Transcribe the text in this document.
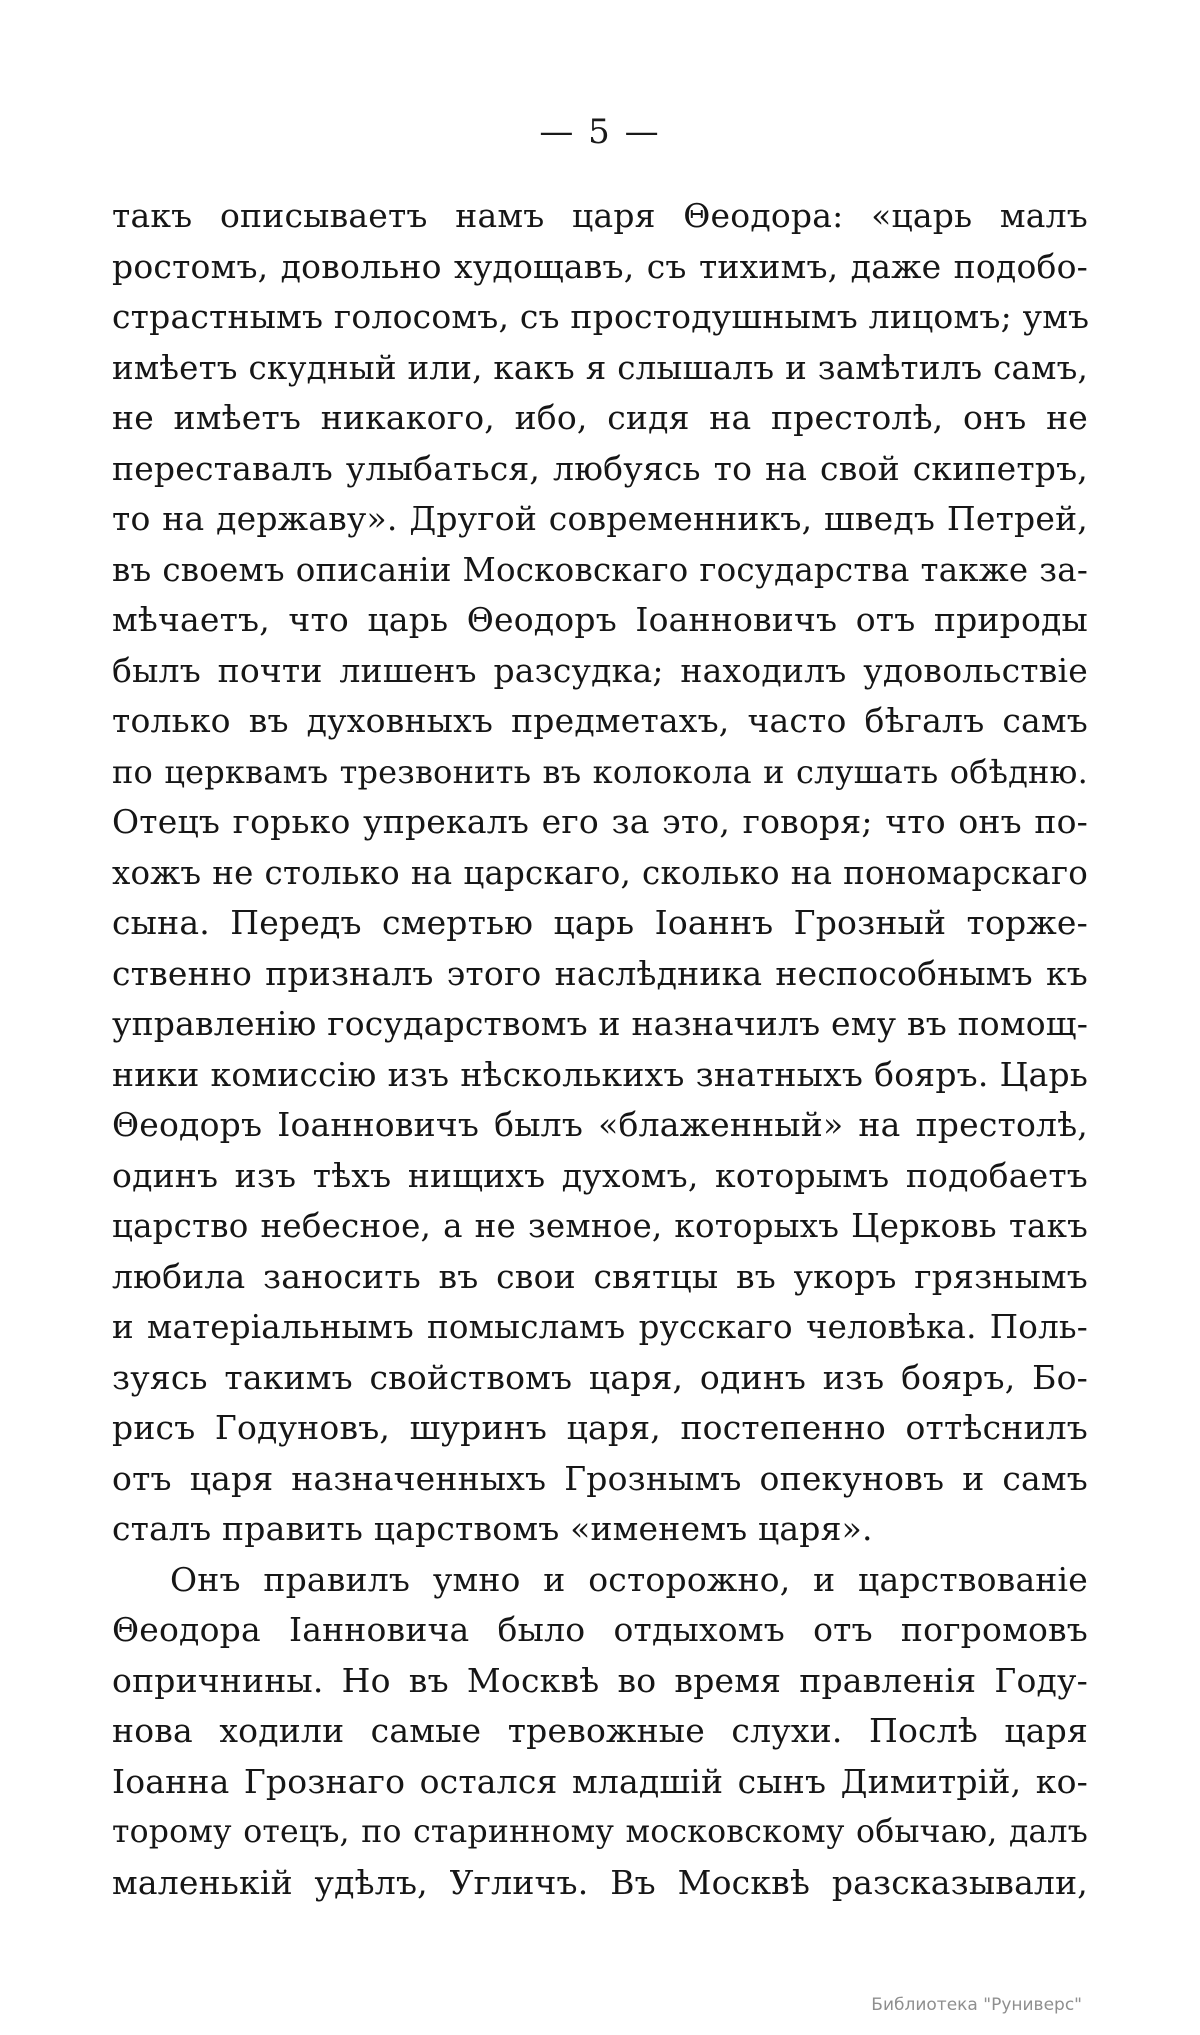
— 5 —
такъ описываетъ намъ царя Θеодора: «царь малъ
ростомъ, довольно худощавъ, съ тихимъ, даже подобо-
страстнымъ голосомъ, съ простодушнымъ лицомъ; умъ
имѣетъ скудный или, какъ я слышалъ и замѣтилъ самъ,
не имѣетъ никакого, ибо, сидя на престолѣ, онъ не
переставалъ улыбаться, любуясь то на свой скипетръ,
то на державу». Другой современникъ, шведъ Петрей,
въ своемъ описанiи Московскаго государства также за-
мѣчаетъ, что царь Θеодоръ Іоанновичъ отъ природы
былъ почти лишенъ разсудка; находилъ удовольствiе
только въ духовныхъ предметахъ, часто бѣгалъ самъ
по церквамъ трезвонить въ колокола и слушать обѣдню.
Отецъ горько упрекалъ его за это, говоря; что онъ по-
хожъ не столько на царскаго, сколько на пономарскаго
сына. Передъ смертью царь Іоаннъ Грозный торже-
ственно призналъ этого наслѣдника неспособнымъ къ
управленiю государствомъ и назначилъ ему въ помощ-
ники комиссiю изъ нѣсколькихъ знатныхъ бояръ. Царь
Θеодоръ Іоанновичъ былъ «блаженный» на престолѣ,
одинъ изъ тѣхъ нищихъ духомъ, которымъ подобаетъ
царство небесное, а не земное, которыхъ Церковь такъ
любила заносить въ свои святцы въ укоръ грязнымъ
и матерiальнымъ помысламъ русскаго человѣка. Поль-
зуясь такимъ свойствомъ царя, одинъ изъ бояръ, Бо-
рисъ Годуновъ, шуринъ царя, постепенно оттѣснилъ
отъ царя назначенныхъ Грознымъ опекуновъ и самъ
сталъ править царствомъ «именемъ царя».
Онъ правилъ умно и осторожно, и царствованiе
Θеодора Іанновича было отдыхомъ отъ погромовъ
опричнины. Но въ Москвѣ во время правленiя Году-
нова ходили самые тревожные слухи. Послѣ царя
Іоанна Грознаго остался младшiй сынъ Димитрiй, ко-
торому отецъ, по старинному московскому обычаю, далъ
маленькiй удѣлъ, Угличъ. Въ Москвѣ разсказывали,
Библиотека "Руниверс"
